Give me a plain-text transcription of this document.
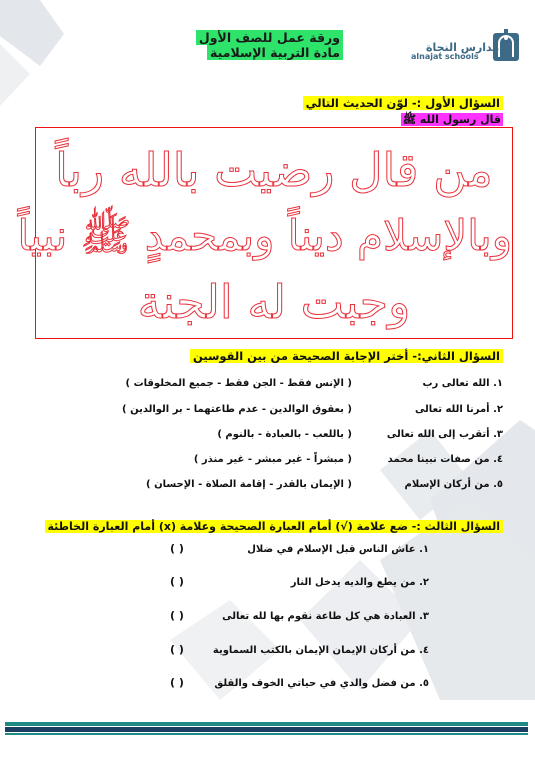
ورقة عمل للصف الأول
مادة التربية الإسلامية	مدارس النجاة
alnajat schools
السؤال الأول :- لوّن الحديث التالي
قال رسول الله ﷺ
من قال رضيت بالله رباً
وبالإسلام ديناً وبمحمدٍ ﷺ نبياً
وجبت له الجنة
السؤال الثاني:- أختر الإجابة الصحيحة من بين القوسين
١. الله تعالى رب
( الإنس فقط - الجن فقط - جميع المخلوقات )
٢. أمرنا الله تعالى
( بعقوق الوالدين - عدم طاعتهما - بر الوالدين )
٣. أتقرب إلى الله تعالى
( باللعب - بالعبادة - بالنوم )
٤. من صفات نبينا محمد
( مبشراً - غير مبشر - غير منذر )
٥. من أركان الإسلام
( الإيمان بالقدر - إقامة الصلاة - الإحسان )
السؤال الثالث :- ضع علامة (√) أمام العبارة الصحيحة وعلامة (x) أمام العبارة الخاطئة
١. عاش الناس قبل الإسلام في ضلال
( )
٢. من يطع والديه يدخل النار
( )
٣. العبادة هي كل طاعة نقوم بها لله تعالى
( )
٤. من أركان الإيمان الإيمان بالكتب السماوية
( )
٥. من فضل والدي في حياتي الخوف والقلق
( )
